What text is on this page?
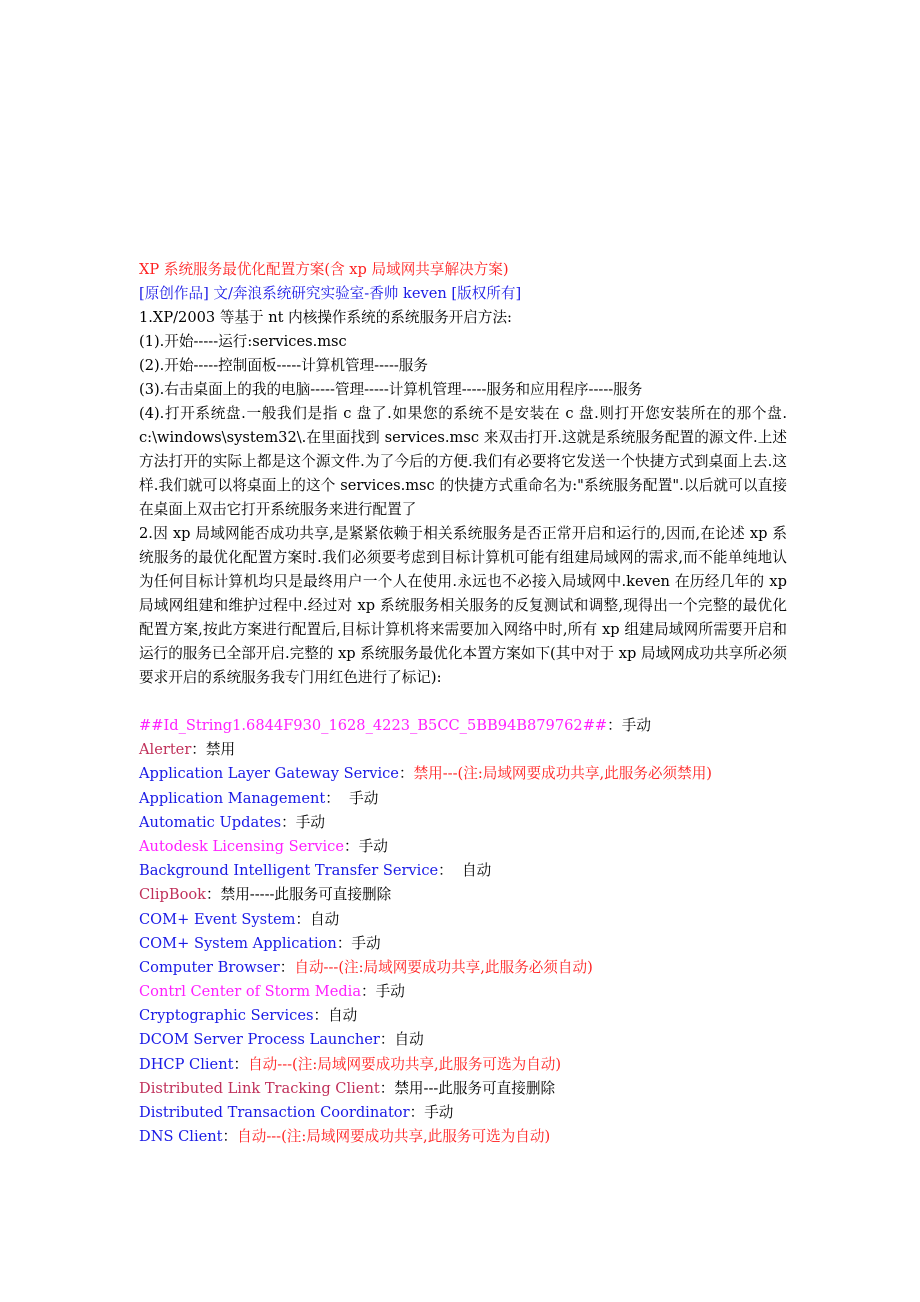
XP 系统服务最优化配置方案(含 xp 局域网共享解决方案)
[原创作品] 文/奔浪系统研究实验室-香帅 keven [版权所有]
1.XP/2003 等基于 nt 内核操作系统的系统服务开启方法:
(1).开始-----运行:services.msc
(2).开始-----控制面板-----计算机管理-----服务
(3).右击桌面上的我的电脑-----管理-----计算机管理-----服务和应用程序-----服务
(4).打开系统盘.一般我们是指 c 盘了.如果您的系统不是安装在 c 盘.则打开您安装所在的那个盘.c:\windows\system32\.在里面找到 services.msc 来双击打开.这就是系统服务配置的源文件.上述方法打开的实际上都是这个源文件.为了今后的方便.我们有必要将它发送一个快捷方式到桌面上去.这样.我们就可以将桌面上的这个 services.msc 的快捷方式重命名为:"系统服务配置".以后就可以直接在桌面上双击它打开系统服务来进行配置了
2.因 xp 局域网能否成功共享,是紧紧依赖于相关系统服务是否正常开启和运行的,因而,在论述 xp 系统服务的最优化配置方案时.我们必须要考虑到目标计算机可能有组建局域网的需求,而不能单纯地认为任何目标计算机均只是最终用户一个人在使用.永远也不必接入局域网中.keven 在历经几年的 xp 局域网组建和维护过程中.经过对 xp 系统服务相关服务的反复测试和调整,现得出一个完整的最优化配置方案,按此方案进行配置后,目标计算机将来需要加入网络中时,所有 xp 组建局域网所需要开启和运行的服务已全部开启.完整的 xp 系统服务最优化本置方案如下(其中对于 xp 局域网成功共享所必须要求开启的系统服务我专门用红色进行了标记):
##Id_String1.6844F930_1628_4223_B5CC_5BB94B879762##：手动
Alerter：禁用
Application Layer Gateway Service：禁用---(注:局域网要成功共享,此服务必须禁用)
Application Management：  手动
Automatic Updates：手动
Autodesk Licensing Service：手动
Background Intelligent Transfer Service：  自动
ClipBook：禁用-----此服务可直接删除
COM+ Event System：自动
COM+ System Application：手动
Computer Browser：自动---(注:局域网要成功共享,此服务必须自动)
Contrl Center of Storm Media：手动
Cryptographic Services：自动
DCOM Server Process Launcher：自动
DHCP Client：自动---(注:局域网要成功共享,此服务可选为自动)
Distributed Link Tracking Client：禁用---此服务可直接删除
Distributed Transaction Coordinator：手动
DNS Client：自动---(注:局域网要成功共享,此服务可选为自动)
